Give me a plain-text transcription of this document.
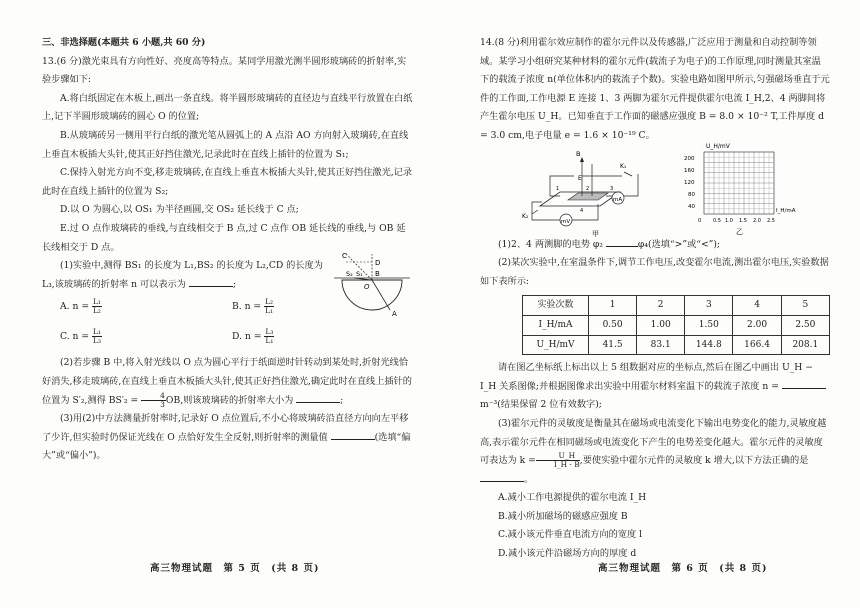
三、非选择题(本题共 6 小题,共 60 分)

13.(6 分)激光束具有方向性好、亮度高等特点。某同学用激光测半圆形玻璃砖的折射率,实验步骤如下:

A.将白纸固定在木板上,画出一条直线。将半圆形玻璃砖的直径边与直线平行放置在白纸上,记下半圆形玻璃砖的圆心 O 的位置;

B.从玻璃砖另一侧用平行白纸的激光笔从圆弧上的 A 点沿 AO 方向射入玻璃砖,在直线上垂直木板插大头针,使其正好挡住激光,记录此时在直线上插针的位置为 S₁;

C.保持入射光方向不变,移走玻璃砖,在直线上垂直木板插大头针,使其正好挡住激光,记录此时在直线上插针的位置为 S₂;

D.以 O 为圆心,以 OS₁ 为半径画圆,交 OS₂ 延长线于 C 点;

E.过 O 点作玻璃砖的垂线,与直线相交于 B 点,过 C 点作 OB 延长线的垂线,与 OB 延长线相交于 D 点。

(1)实验中,测得 BS₁ 的长度为 L₁,BS₂ 的长度为 L₂,CD 的长度为 L₃,该玻璃砖的折射率 n 可以表示为	;

A. $n = \frac{\text{L₁}}{\text{L₂}}$	B. $n = \frac{\text{L₂}}{\text{L₁}}$
C. $n = \frac{\text{L₁}}{\text{L₃}}$	D. $n = \frac{\text{L₃}}{\text{L₁}}$

(2)若步骤 B 中,将入射光线以 O 点为圆心平行于纸面逆时针转动到某处时,折射光线恰好消失,移走玻璃砖,在直线上垂直木板插大头针,使其正好挡住激光,确定此时在直线上插针的位置为 S′₂,测得 $BS'_2 = \frac{4}{3}$ OB,则该玻璃砖的折射率大小为	;

(3)用(2)中方法测量折射率时,记录好 O 点位置后,不小心将玻璃砖沿直径方向向左平移了少许,但实验时仍保证光线在 O 点恰好发生全反射,则折射率的测量值	(选填“偏大”或“偏小”)。

C
D
S₂ S₁ B
O
A
高三物理试题　第 5 页　(共 8 页)

14.(8 分)利用霍尔效应制作的霍尔元件以及传感器,广泛应用于测量和自动控制等领域。某学习小组研究某种材料的霍尔元件(载流子为电子)的工作原理,同时测量其室温下的载流子浓度 n(单位体积内的载流子个数)。实验电路如图甲所示,匀强磁场垂直于元件的工作面,工作电源 E 连接 1、3 两脚为霍尔元件提供霍尔电流 I_H,2、4 两脚间将产生霍尔电压 U_H。已知垂直于工作面的磁感应强度 B = 8.0 × 10⁻² T,工件厚度 d = 3.0 cm,电子电量 e = 1.6 × 10⁻¹⁹ C。

(1)2、4 两测脚的电势 φ₂	φ₄(选填“>”或“<”);

(2)某次实验中,在室温条件下,调节工作电压,改变霍尔电流,测出霍尔电压,实验数据如下表所示:

实验次数	1	2	3	4	5
I_H/mA	0.50	1.00	1.50	2.00	2.50
U_H/mV	41.5	83.1	144.8	166.4	208.1

请在图乙坐标纸上标出以上 5 组数据对应的坐标点,然后在图乙中画出 U_H − I_H 关系图像;并根据图像求出实验中用霍尔材料室温下的载流子浓度 n = m⁻³(结果保留 2 位有效数字);

(3)霍尔元件的灵敏度是衡量其在磁场或电流变化下输出电势变化的能力,灵敏度越高,表示霍尔元件在相同磁场或电流变化下产生的电势差变化越大。霍尔元件的灵敏度可表达为 $k = \frac{U\_H}{I\_H \cdot B}$ ,要使实验中霍尔元件的灵敏度 k 增大,以下方法正确的是 。

A.减小工作电源提供的霍尔电流 I_H

B.减小所加磁场的磁感应强度 B

C.减小该元件垂直电流方向的宽度 l

D.减小该元件沿磁场方向的厚度 d

mA
mV
B
K₁
K₂
E
1	2	3
4
甲
U_H/mV
200
160
120
80
40
0 0.5 1.0 1.5 2.0 2.5
I_H/mA
乙
高三物理试题　第 6 页　(共 8 页)
